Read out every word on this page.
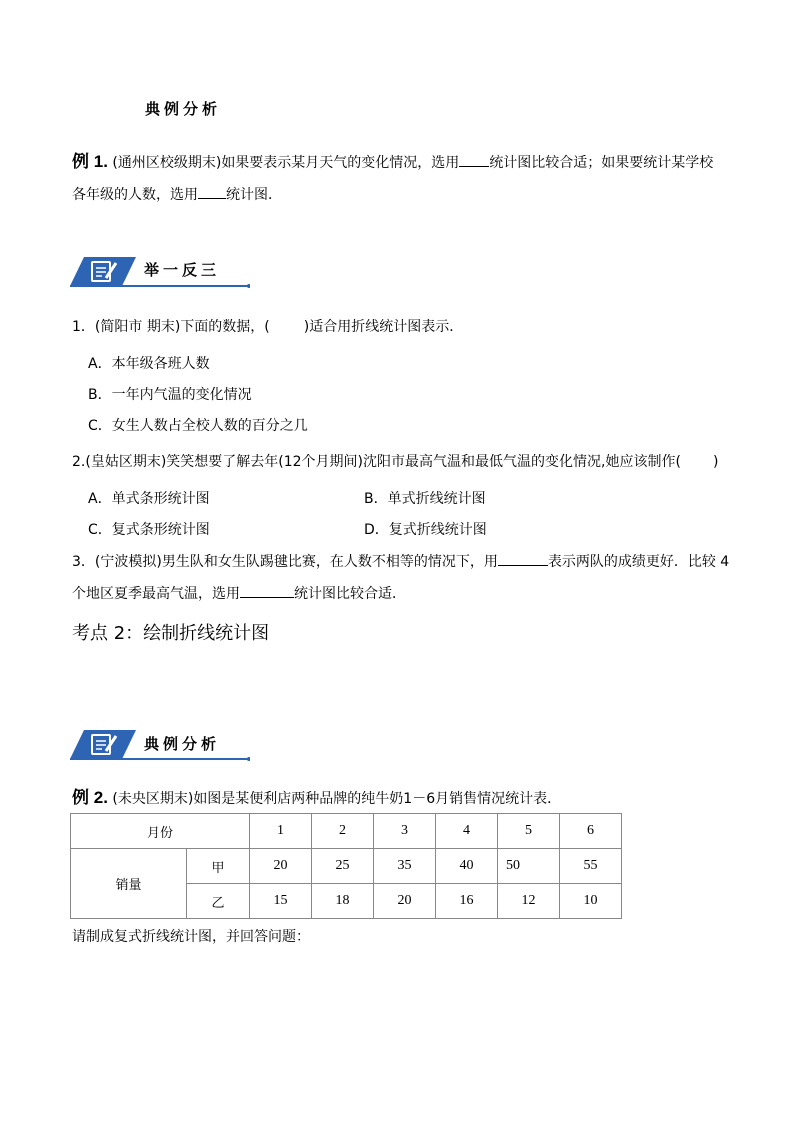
典例分析
例 1. (通州区校级期末)如果要表示某月天气的变化情况，选用 统计图比较合适；如果要统计某学校
各年级的人数，选用 统计图．
举一反三
1．(简阳市 期末)下面的数据，( )适合用折线统计图表示．
A．本年级各班人数
B．一年内气温的变化情况
C．女生人数占全校人数的百分之几
2.(皇姑区期末)笑笑想要了解去年(12个月期间)沈阳市最高气温和最低气温的变化情况,她应该制作( )
A．单式条形统计图	B．单式折线统计图
C．复式条形统计图	D．复式折线统计图
3．(宁波模拟)男生队和女生队踢毽比赛，在人数不相等的情况下，用	表示两队的成绩更好．比较 4
个地区夏季最高气温，选用	统计图比较合适．
考点 2：绘制折线统计图
典例分析
例 2. (未央区期末)如图是某便利店两种品牌的纯牛奶1－6月销售情况统计表．
月份		1	2	3	4	5	6
销量	甲	20	25	35	40	50	55
	乙	15	18	20	16	12	10
请制成复式折线统计图，并回答问题：
